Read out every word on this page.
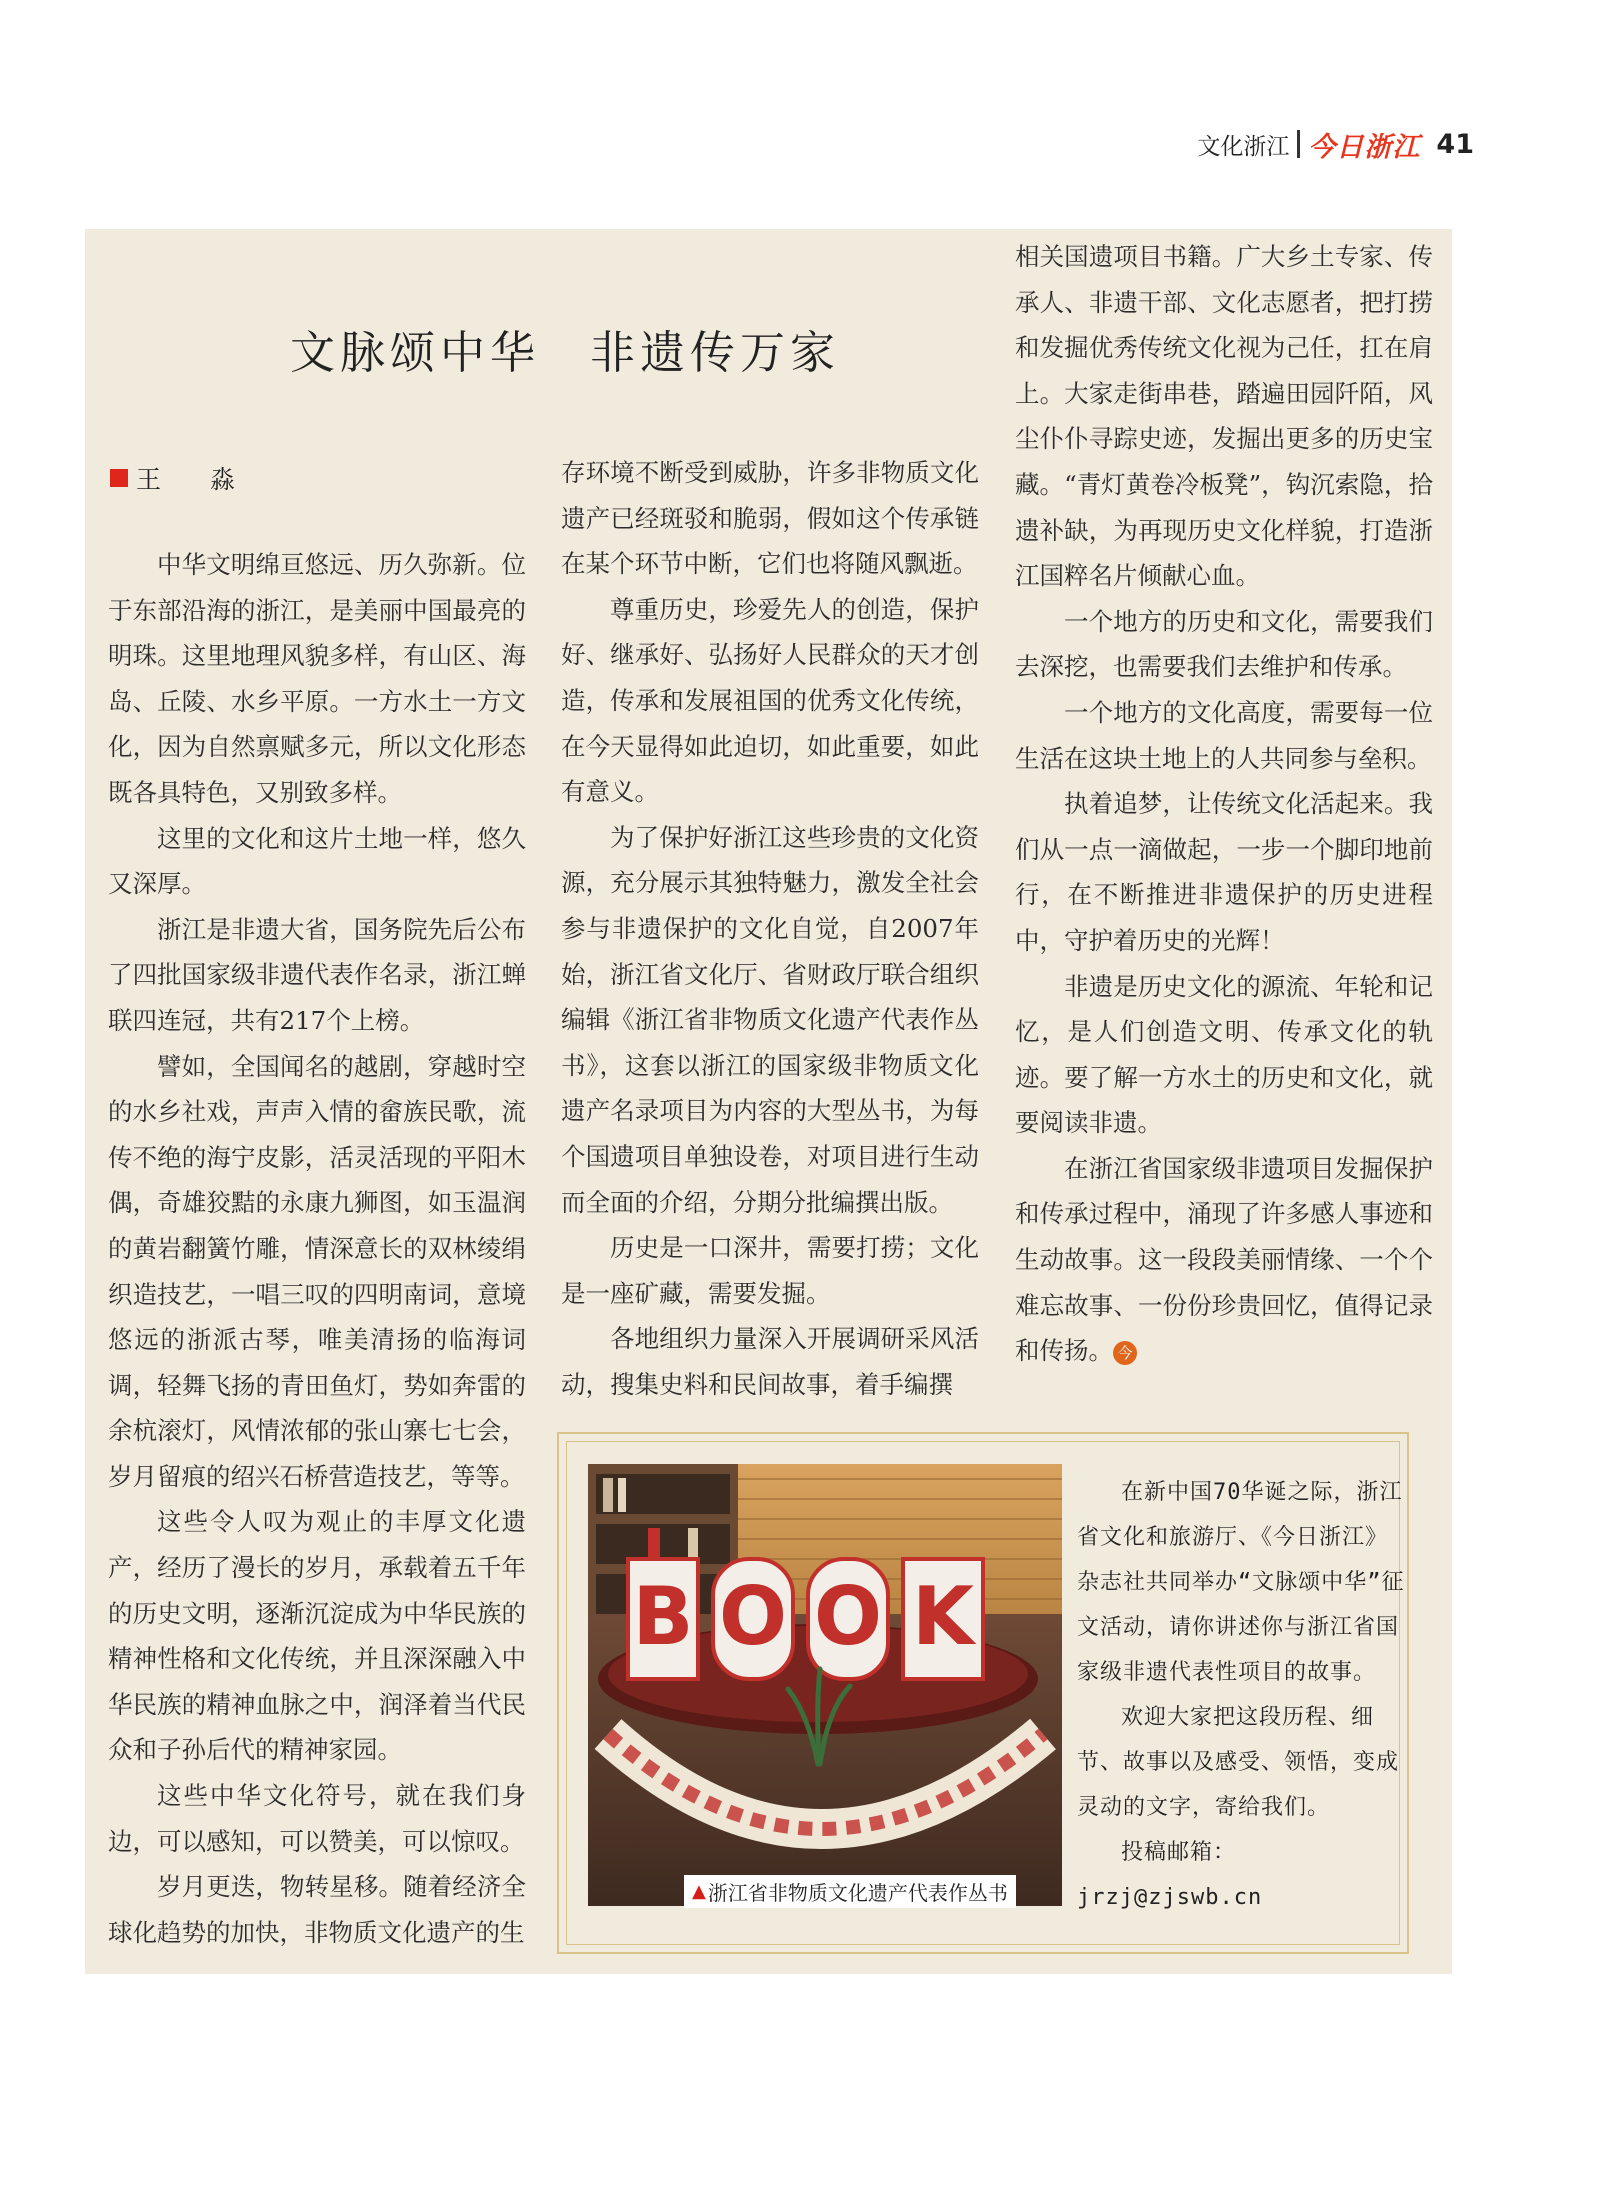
文化浙江 今日浙江 41
文脉颂中华　非遗传万家
王　淼

中华文明绵亘悠远、历久弥新。位于东部沿海的浙江，是美丽中国最亮的明珠。这里地理风貌多样，有山区、海岛、丘陵、水乡平原。一方水土一方文化，因为自然禀赋多元，所以文化形态既各具特色，又别致多样。

这里的文化和这片土地一样，悠久又深厚。

浙江是非遗大省，国务院先后公布了四批国家级非遗代表作名录，浙江蝉联四连冠，共有217个上榜。

譬如，全国闻名的越剧，穿越时空的水乡社戏，声声入情的畲族民歌，流传不绝的海宁皮影，活灵活现的平阳木偶，奇雄狡黠的永康九狮图，如玉温润的黄岩翻簧竹雕，情深意长的双林绫绢织造技艺，一唱三叹的四明南词，意境悠远的浙派古琴，唯美清扬的临海词调，轻舞飞扬的青田鱼灯，势如奔雷的余杭滚灯，风情浓郁的张山寨七七会，岁月留痕的绍兴石桥营造技艺，等等。

这些令人叹为观止的丰厚文化遗产，经历了漫长的岁月，承载着五千年的历史文明，逐渐沉淀成为中华民族的精神性格和文化传统，并且深深融入中华民族的精神血脉之中，润泽着当代民众和子孙后代的精神家园。

这些中华文化符号，就在我们身边，可以感知，可以赞美，可以惊叹。

岁月更迭，物转星移。随着经济全球化趋势的加快，非物质文化遗产的生

存环境不断受到威胁，许多非物质文化遗产已经斑驳和脆弱，假如这个传承链在某个环节中断，它们也将随风飘逝。

尊重历史，珍爱先人的创造，保护好、继承好、弘扬好人民群众的天才创造，传承和发展祖国的优秀文化传统，在今天显得如此迫切，如此重要，如此有意义。

为了保护好浙江这些珍贵的文化资源，充分展示其独特魅力，激发全社会参与非遗保护的文化自觉，自2007年始，浙江省文化厅、省财政厅联合组织编辑《浙江省非物质文化遗产代表作丛书》，这套以浙江的国家级非物质文化遗产名录项目为内容的大型丛书，为每个国遗项目单独设卷，对项目进行生动而全面的介绍，分期分批编撰出版。

历史是一口深井，需要打捞；文化是一座矿藏，需要发掘。

各地组织力量深入开展调研采风活动，搜集史料和民间故事，着手编撰

相关国遗项目书籍。广大乡土专家、传承人、非遗干部、文化志愿者，把打捞和发掘优秀传统文化视为己任，扛在肩上。大家走街串巷，踏遍田园阡陌，风尘仆仆寻踪史迹，发掘出更多的历史宝藏。“青灯黄卷冷板凳”，钩沉索隐，拾遗补缺，为再现历史文化样貌，打造浙江国粹名片倾献心血。

一个地方的历史和文化，需要我们去深挖，也需要我们去维护和传承。

一个地方的文化高度，需要每一位生活在这块土地上的人共同参与垒积。

执着追梦，让传统文化活起来。我们从一点一滴做起，一步一个脚印地前行，在不断推进非遗保护的历史进程中，守护着历史的光辉！

非遗是历史文化的源流、年轮和记忆，是人们创造文明、传承文化的轨迹。要了解一方水土的历史和文化，就要阅读非遗。

在浙江省国家级非遗项目发掘保护和传承过程中，涌现了许多感人事迹和生动故事。这一段段美丽情缘、一个个难忘故事、一份份珍贵回忆，值得记录和传扬。 今

B O O K
▲ 浙江省非物质文化遗产代表作丛书

在新中国70华诞之际，浙江省文化和旅游厅、《今日浙江》杂志社共同举办“文脉颂中华”征文活动，请你讲述你与浙江省国家级非遗代表性项目的故事。

欢迎大家把这段历程、细节、故事以及感受、领悟，变成灵动的文字，寄给我们。

投稿邮箱：jrzj@zjswb.cn
